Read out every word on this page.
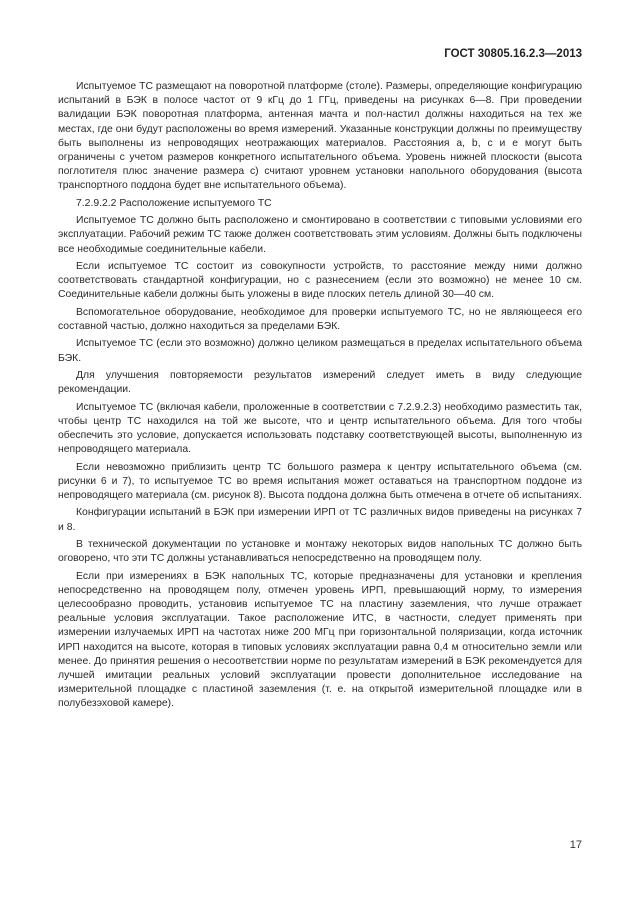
ГОСТ 30805.16.2.3—2013

Испытуемое ТС размещают на поворотной платформе (столе). Размеры, определяющие конфигурацию испытаний в БЭК в полосе частот от 9 кГц до 1 ГГц, приведены на рисунках 6—8. При проведении валидации БЭК поворотная платформа, антенная мачта и пол-настил должны находиться на тех же местах, где они будут расположены во время измерений. Указанные конструкции должны по преимуществу быть выполнены из непроводящих неотражающих материалов. Расстояния a, b, c и e могут быть ограничены с учетом размеров конкретного испытательного объема. Уровень нижней плоскости (высота поглотителя плюс значение размера c) считают уровнем установки напольного оборудования (высота транспортного поддона будет вне испытательного объема).

7.2.9.2.2 Расположение испытуемого ТС

Испытуемое ТС должно быть расположено и смонтировано в соответствии с типовыми условиями его эксплуатации. Рабочий режим ТС также должен соответствовать этим условиям. Должны быть подключены все необходимые соединительные кабели.

Если испытуемое ТС состоит из совокупности устройств, то расстояние между ними должно соответствовать стандартной конфигурации, но с разнесением (если это возможно) не менее 10 см. Соединительные кабели должны быть уложены в виде плоских петель длиной 30—40 см.

Вспомогательное оборудование, необходимое для проверки испытуемого ТС, но не являющееся его составной частью, должно находиться за пределами БЭК.

Испытуемое ТС (если это возможно) должно целиком размещаться в пределах испытательного объема БЭК.

Для улучшения повторяемости результатов измерений следует иметь в виду следующие рекомендации.

Испытуемое ТС (включая кабели, проложенные в соответствии с 7.2.9.2.3) необходимо разместить так, чтобы центр ТС находился на той же высоте, что и центр испытательного объема. Для того чтобы обеспечить это условие, допускается использовать подставку соответствующей высоты, выполненную из непроводящего материала.

Если невозможно приблизить центр ТС большого размера к центру испытательного объема (см. рисунки 6 и 7), то испытуемое ТС во время испытания может оставаться на транспортном поддоне из непроводящего материала (см. рисунок 8). Высота поддона должна быть отмечена в отчете об испытаниях.

Конфигурации испытаний в БЭК при измерении ИРП от ТС различных видов приведены на рисунках 7 и 8.

В технической документации по установке и монтажу некоторых видов напольных ТС должно быть оговорено, что эти ТС должны устанавливаться непосредственно на проводящем полу.

Если при измерениях в БЭК напольных ТС, которые предназначены для установки и крепления непосредственно на проводящем полу, отмечен уровень ИРП, превышающий норму, то измерения целесообразно проводить, установив испытуемое ТС на пластину заземления, что лучше отражает реальные условия эксплуатации. Такое расположение ИТС, в частности, следует применять при измерении излучаемых ИРП на частотах ниже 200 МГц при горизонтальной поляризации, когда источник ИРП находится на высоте, которая в типовых условиях эксплуатации равна 0,4 м относительно земли или менее. До принятия решения о несоответствии норме по результатам измерений в БЭК рекомендуется для лучшей имитации реальных условий эксплуатации провести дополнительное исследование на измерительной площадке с пластиной заземления (т. е. на открытой измерительной площадке или в полубезэховой камере).

17
